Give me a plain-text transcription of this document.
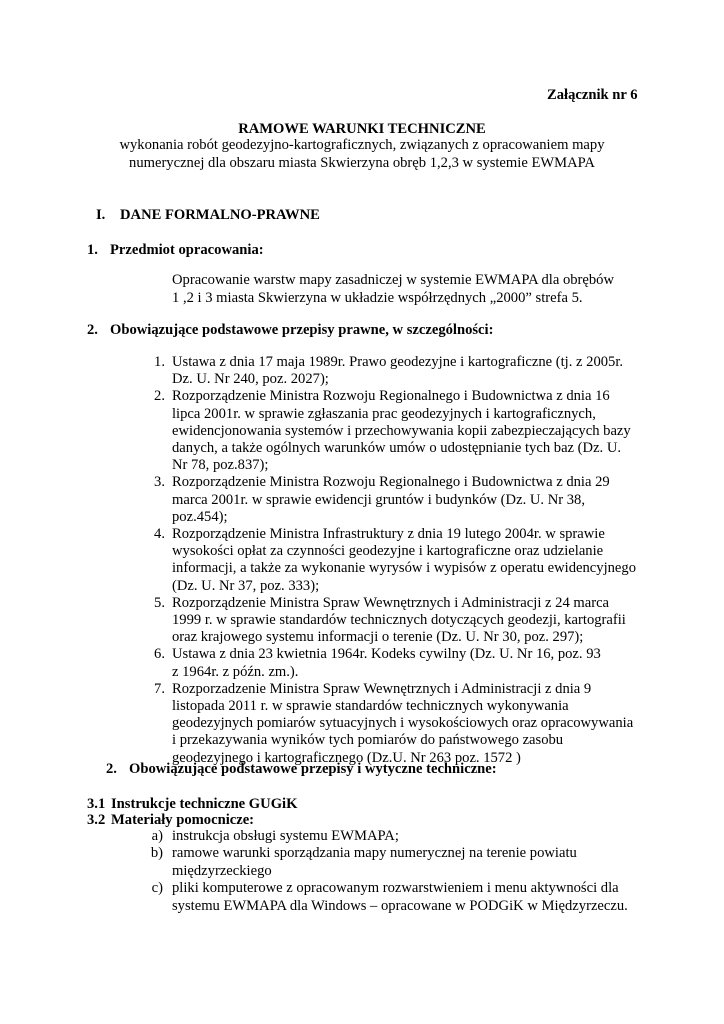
Załącznik nr 6
RAMOWE WARUNKI TECHNICZNE
wykonania robót geodezyjno-kartograficznych, związanych z opracowaniem mapy
numerycznej dla obszaru miasta Skwierzyna obręb 1,2,3 w systemie EWMAPA
I. DANE FORMALNO-PRAWNE
1. Przedmiot opracowania:
Opracowanie warstw mapy zasadniczej w systemie EWMAPA dla obrębów
1 ,2 i 3 miasta Skwierzyna w układzie współrzędnych „2000” strefa 5.
2. Obowiązujące podstawowe przepisy prawne, w szczególności:
1. Ustawa z dnia 17 maja 1989r. Prawo geodezyjne i kartograficzne (tj. z 2005r.
Dz. U. Nr 240, poz. 2027);
2. Rozporządzenie Ministra Rozwoju Regionalnego i Budownictwa z dnia 16
lipca 2001r. w sprawie zgłaszania prac geodezyjnych i kartograficznych,
ewidencjonowania systemów i przechowywania kopii zabezpieczających bazy
danych, a także ogólnych warunków umów o udostępnianie tych baz (Dz. U.
Nr 78, poz.837);
3. Rozporządzenie Ministra Rozwoju Regionalnego i Budownictwa z dnia 29
marca 2001r. w sprawie ewidencji gruntów i budynków (Dz. U. Nr 38,
poz.454);
4. Rozporządzenie Ministra Infrastruktury z dnia 19 lutego 2004r. w sprawie
wysokości opłat za czynności geodezyjne i kartograficzne oraz udzielanie
informacji, a także za wykonanie wyrysów i wypisów z operatu ewidencyjnego
(Dz. U. Nr 37, poz. 333);
5. Rozporządzenie Ministra Spraw Wewnętrznych i Administracji z 24 marca
1999 r. w sprawie standardów technicznych dotyczących geodezji, kartografii
oraz krajowego systemu informacji o terenie (Dz. U. Nr 30, poz. 297);
6. Ustawa z dnia 23 kwietnia 1964r. Kodeks cywilny (Dz. U. Nr 16, poz. 93
z 1964r. z późn. zm.).
7. Rozporzadzenie Ministra Spraw Wewnętrznych i Administracji z dnia 9
listopada 2011 r. w sprawie standardów technicznych wykonywania
geodezyjnych pomiarów sytuacyjnych i wysokościowych oraz opracowywania
i przekazywania wyników tych pomiarów do państwowego zasobu
geodezyjnego i kartograficznego (Dz.U. Nr 263 poz. 1572 )
2. Obowiązujące podstawowe przepisy i wytyczne techniczne:
3.1 Instrukcje techniczne GUGiK
3.2 Materiały pomocnicze:
a) instrukcja obsługi systemu EWMAPA;
b) ramowe warunki sporządzania mapy numerycznej na terenie powiatu
międzyrzeckiego
c) pliki komputerowe z opracowanym rozwarstwieniem i menu aktywności dla
systemu EWMAPA dla Windows – opracowane w PODGiK w Międzyrzeczu.
